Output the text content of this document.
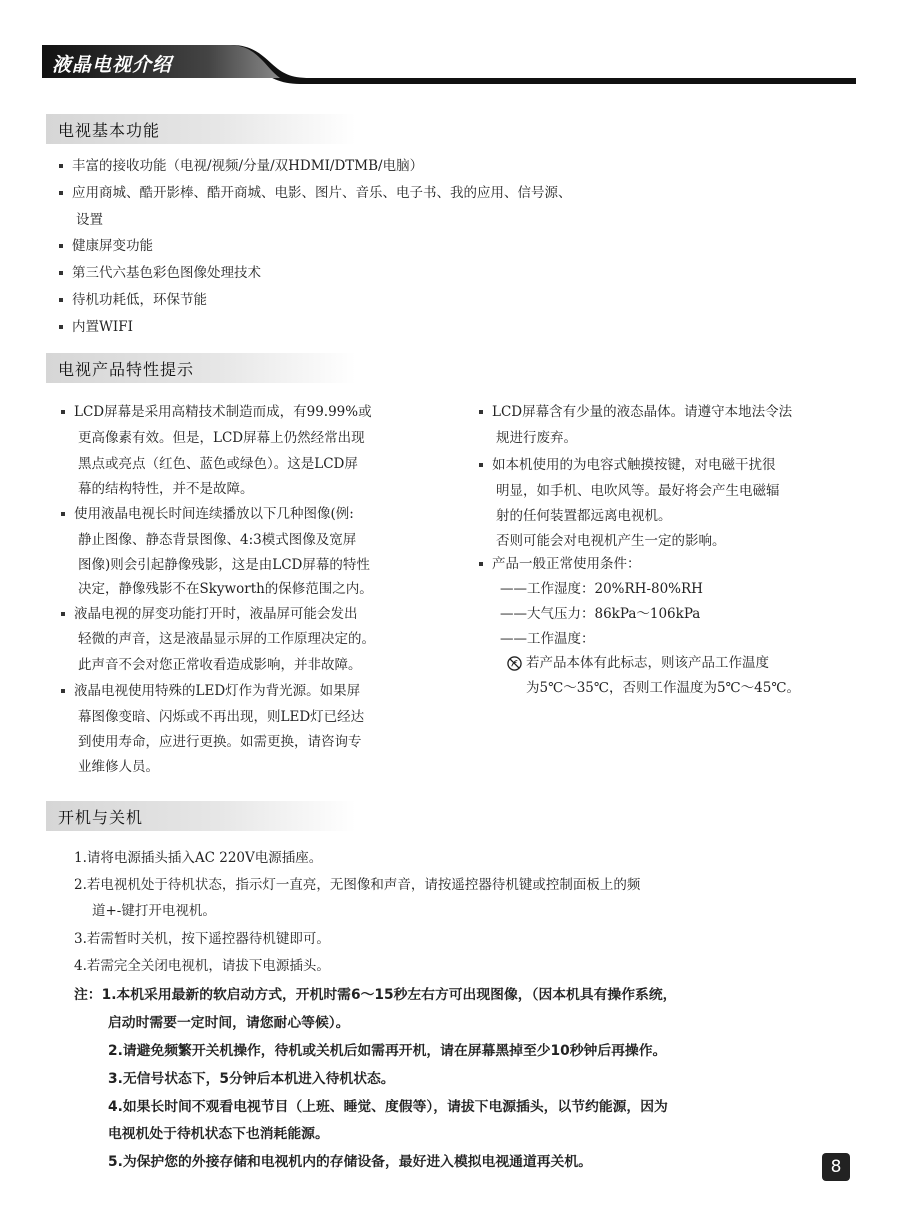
液晶电视介绍
电视基本功能
丰富的接收功能（电视/视频/分量/双HDMI/DTMB/电脑）
应用商城、酷开影棒、酷开商城、电影、图片、音乐、电子书、我的应用、信号源、
设置
健康屏变功能
第三代六基色彩色图像处理技术
待机功耗低，环保节能
内置WIFI
电视产品特性提示
LCD屏幕是采用高精技术制造而成，有99.99%或
更高像素有效。但是，LCD屏幕上仍然经常出现
黑点或亮点（红色、蓝色或绿色）。这是LCD屏
幕的结构特性，并不是故障。
使用液晶电视长时间连续播放以下几种图像(例:
静止图像、静态背景图像、4:3模式图像及宽屏
图像)则会引起静像残影，这是由LCD屏幕的特性
决定，静像残影不在Skyworth的保修范围之内。
液晶电视的屏变功能打开时，液晶屏可能会发出
轻微的声音，这是液晶显示屏的工作原理决定的。
此声音不会对您正常收看造成影响，并非故障。
液晶电视使用特殊的LED灯作为背光源。如果屏
幕图像变暗、闪烁或不再出现，则LED灯已经达
到使用寿命，应进行更换。如需更换，请咨询专
业维修人员。
LCD屏幕含有少量的液态晶体。请遵守本地法令法
规进行废弃。
如本机使用的为电容式触摸按键，对电磁干扰很
明显，如手机、电吹风等。最好将会产生电磁辐
射的任何装置都远离电视机。
否则可能会对电视机产生一定的影响。
产品一般正常使用条件：
——工作湿度：20%RH-80%RH
——大气压力：86kPa～106kPa
——工作温度：
若产品本体有此标志，则该产品工作温度
为5℃～35℃，否则工作温度为5℃～45℃。
开机与关机
1.请将电源插头插入AC 220V电源插座。
2.若电视机处于待机状态，指示灯一直亮，无图像和声音，请按遥控器待机键或控制面板上的频
道+-键打开电视机。
3.若需暂时关机，按下遥控器待机键即可。
4.若需完全关闭电视机，请拔下电源插头。
注：1.本机采用最新的软启动方式，开机时需6～15秒左右方可出现图像，（因本机具有操作系统，
启动时需要一定时间，请您耐心等候）。
2.请避免频繁开关机操作，待机或关机后如需再开机，请在屏幕黑掉至少10秒钟后再操作。
3.无信号状态下，5分钟后本机进入待机状态。
4.如果长时间不观看电视节目（上班、睡觉、度假等），请拔下电源插头，以节约能源，因为
电视机处于待机状态下也消耗能源。
5.为保护您的外接存储和电视机内的存储设备，最好进入模拟电视通道再关机。	8
